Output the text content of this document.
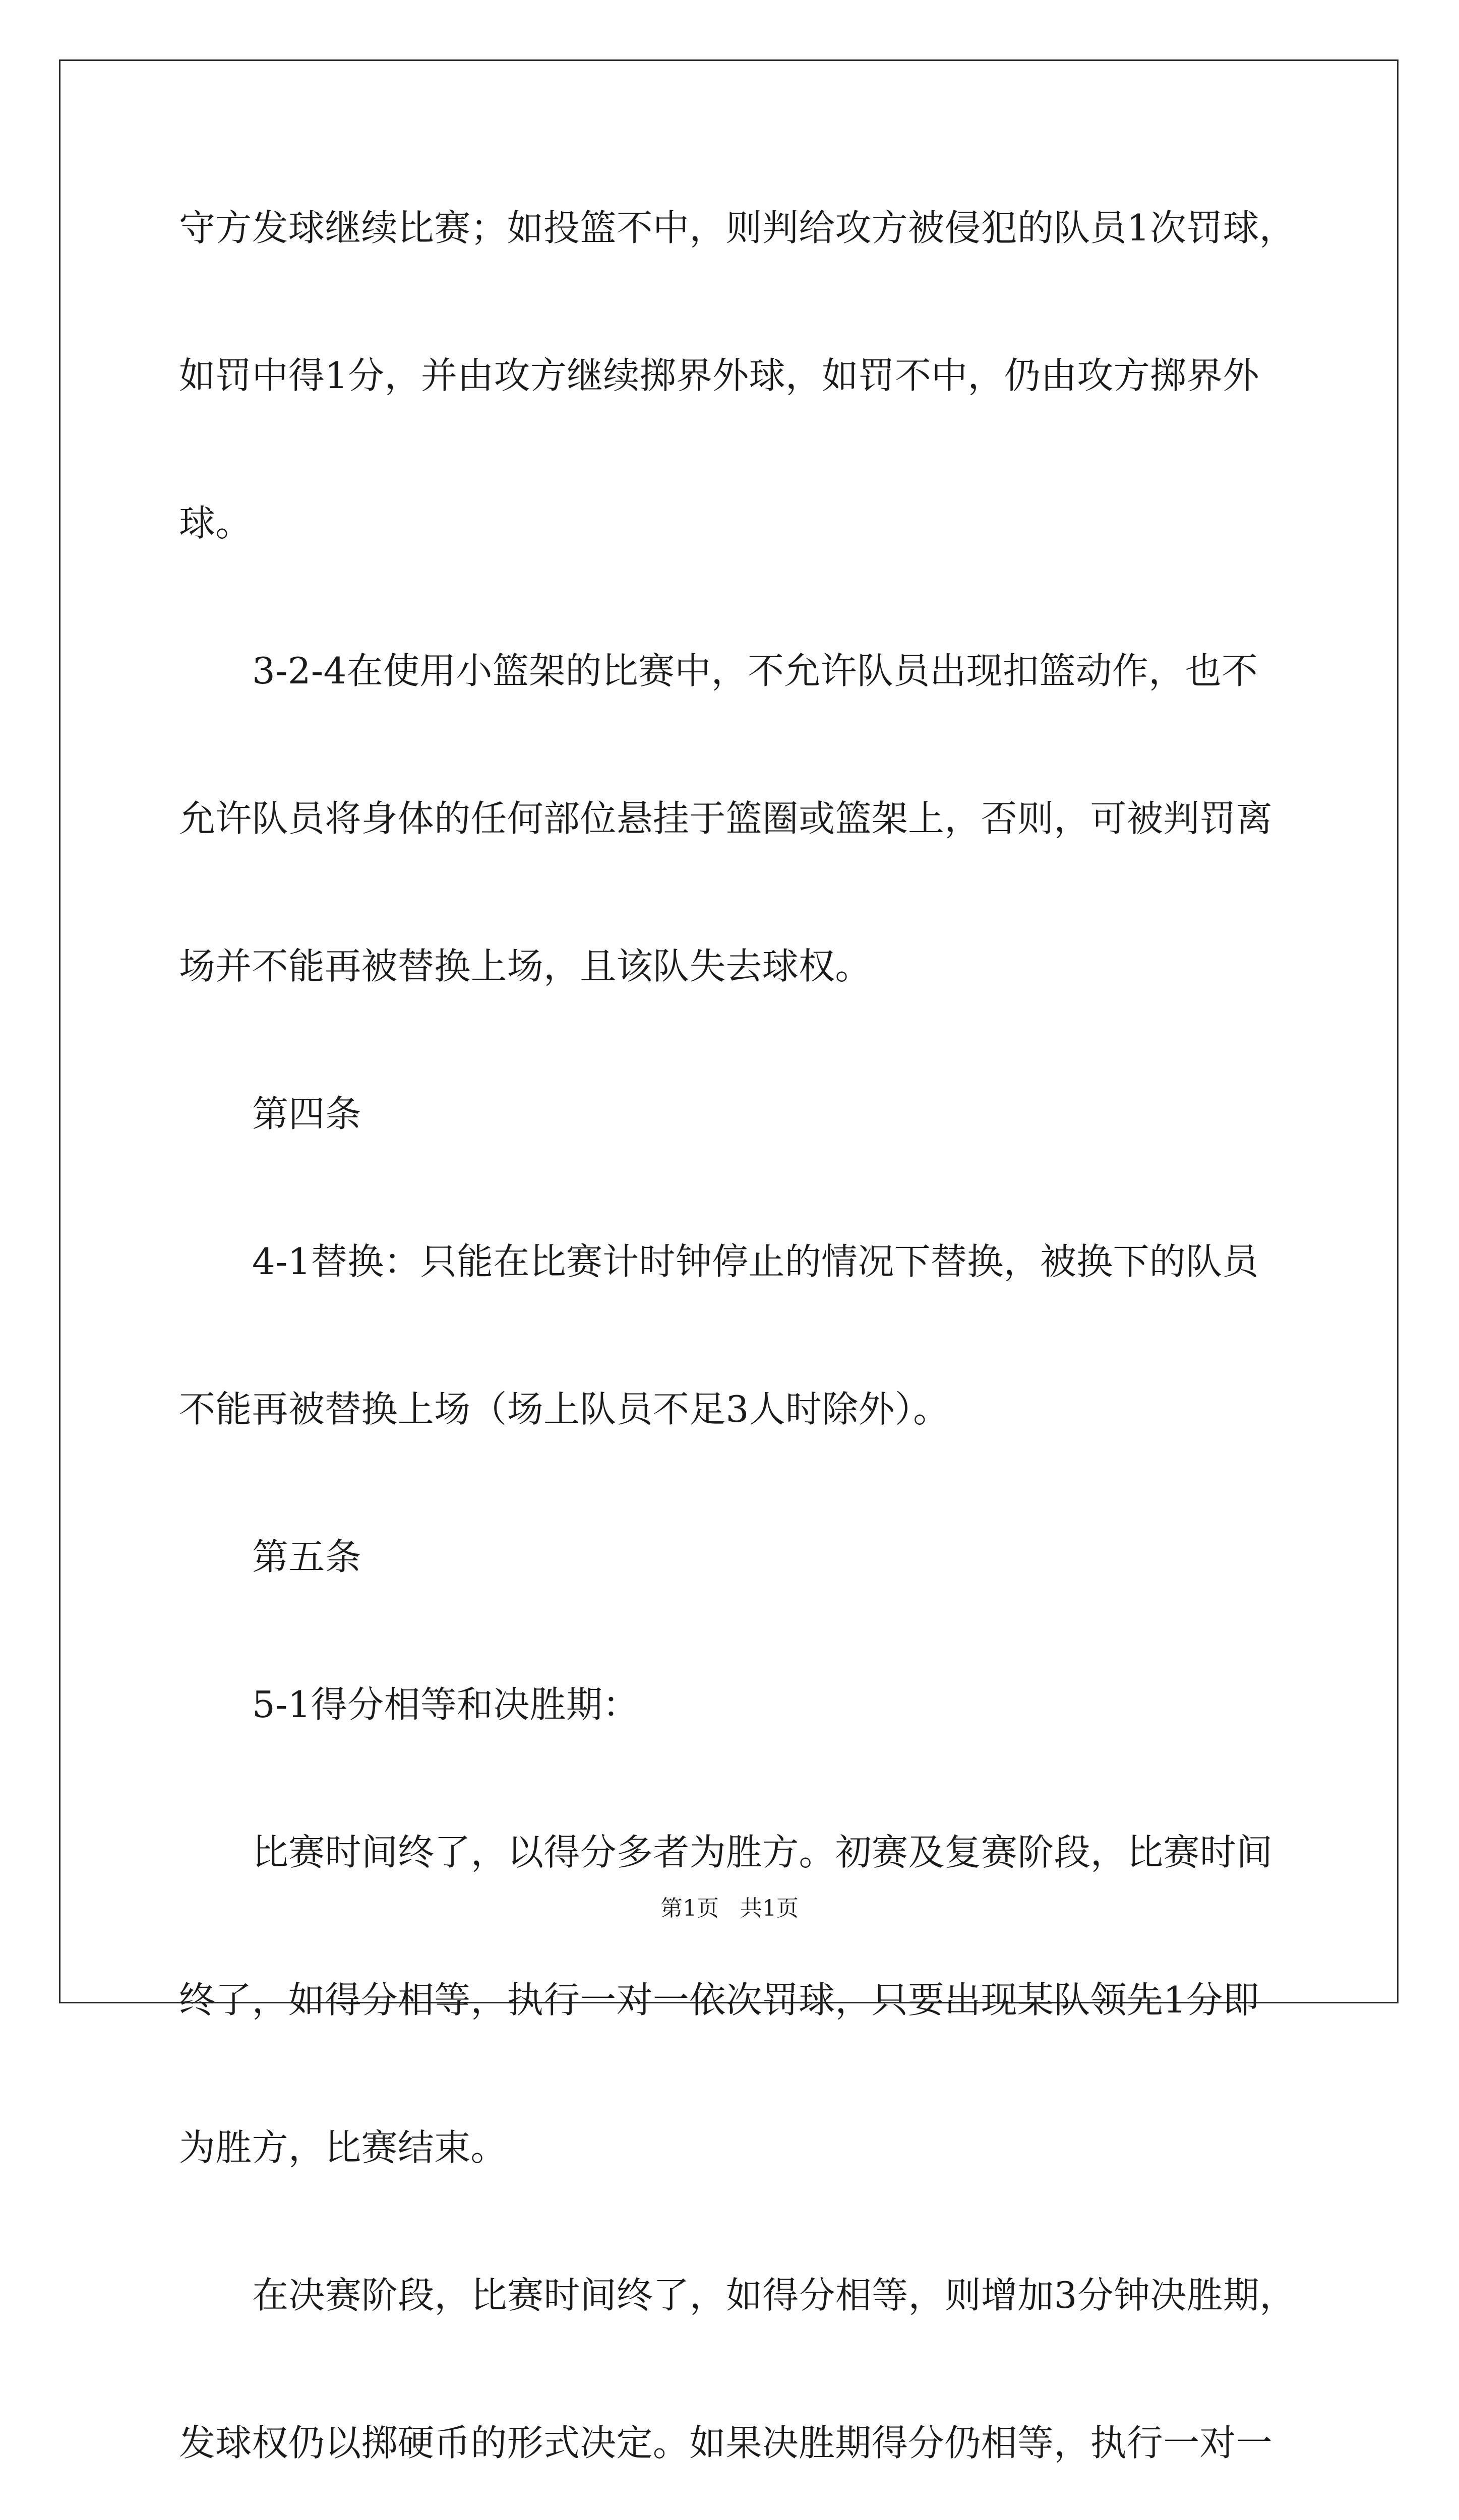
守方发球继续比赛；如投篮不中，则判给攻方被侵犯的队员1次罚球，
如罚中得1分，并由攻方继续掷界外球，如罚不中，仍由攻方掷界外
球。
3-2-4在使用小篮架的比赛中，不允许队员出现扣篮动作，也不
允许队员将身体的任何部位悬挂于篮圈或篮架上，否则，可被判罚离
场并不能再被替换上场，且该队失去球权。
第四条
4-1替换：只能在比赛计时钟停止的情况下替换，被换下的队员
不能再被替换上场（场上队员不足3人时除外）。
第五条
5-1得分相等和决胜期：
比赛时间终了，以得分多者为胜方。初赛及复赛阶段，比赛时间
终了，如得分相等，执行一对一依次罚球，只要出现某队领先1分即
为胜方，比赛结束。
在决赛阶段，比赛时间终了，如得分相等，则增加3分钟决胜期，
发球权仍以掷硬币的形式决定。如果决胜期得分仍相等，执行一对一
第1页   共1页
